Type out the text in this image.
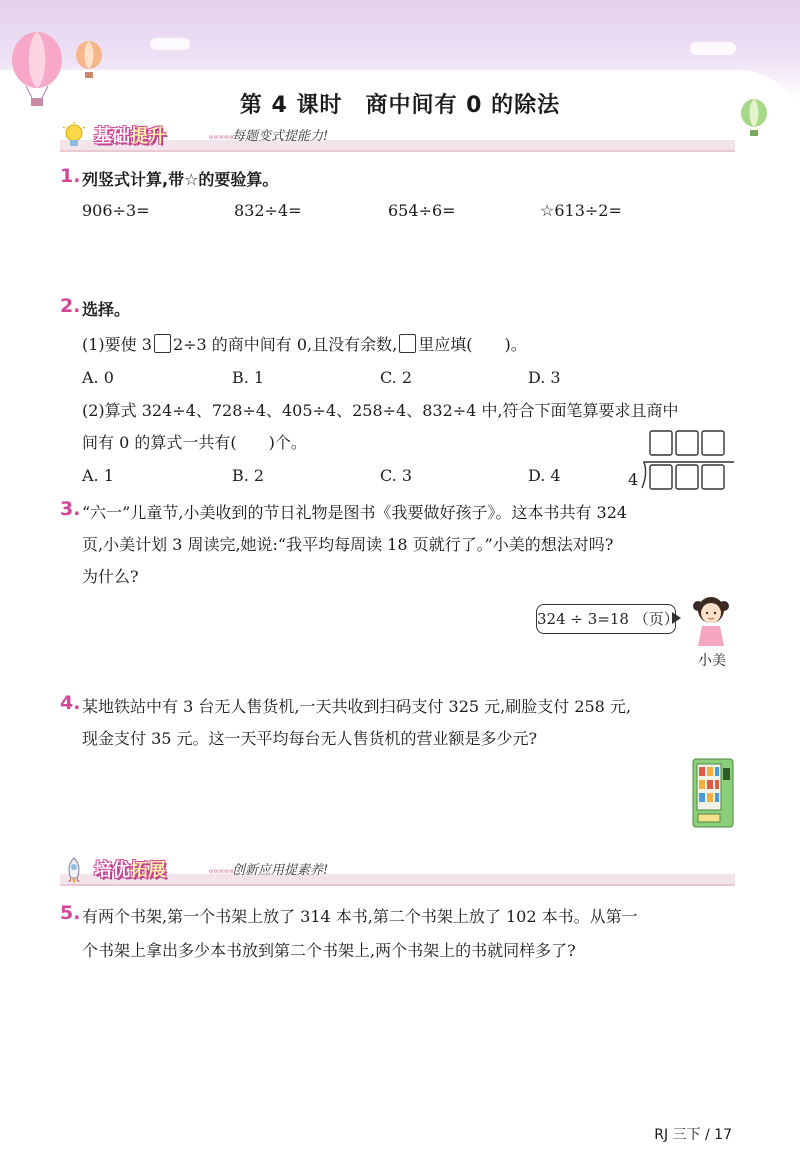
第 4 课时　商中间有 0 的除法
基础提升	«««««
每题变式提能力!
1. 列竖式计算,带☆的要验算。
906÷3=	832÷4=	654÷6=	☆613÷2=
2. 选择。
(1)要使 3 2÷3 的商中间有 0,且没有余数, 里应填(　　)。
A. 0	B. 1	C. 2	D. 3
(2)算式 324÷4、728÷4、405÷4、258÷4、832÷4 中,符合下面笔算要求且商中
间有 0 的算式一共有(　　)个。
A. 1	B. 2	C. 3	D. 4	4
3. “六一”儿童节,小美收到的节日礼物是图书《我要做好孩子》。这本书共有 324
页,小美计划 3 周读完,她说:“我平均每周读 18 页就行了。”小美的想法对吗?
为什么?
324 ÷ 3=18 （页）
小美
4. 某地铁站中有 3 台无人售货机,一天共收到扫码支付 325 元,刷脸支付 258 元,
现金支付 35 元。这一天平均每台无人售货机的营业额是多少元?
培优拓展	«««««
创新应用提素养!
5. 有两个书架,第一个书架上放了 314 本书,第二个书架上放了 102 本书。从第一
个书架上拿出多少本书放到第二个书架上,两个书架上的书就同样多了?
RJ 三下 / 17
